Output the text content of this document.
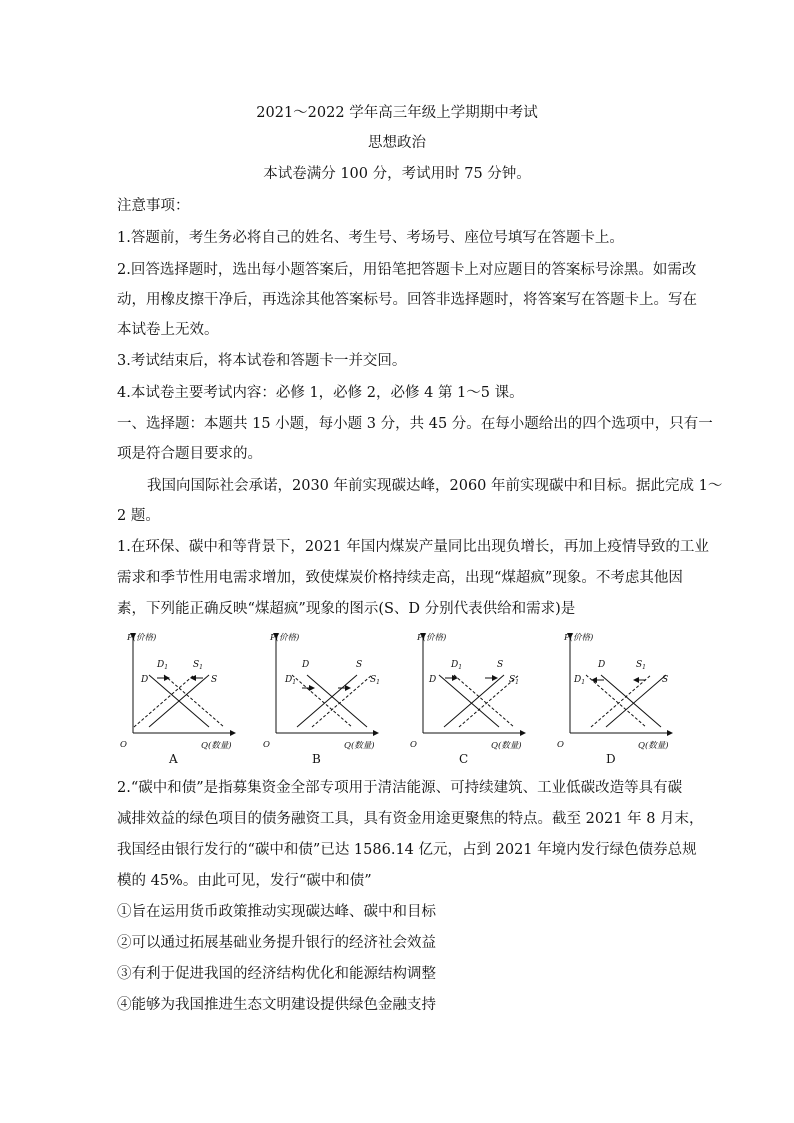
2021～2022 学年高三年级上学期期中考试
思想政治
本试卷满分 100 分，考试用时 75 分钟。
注意事项：
1.答题前，考生务必将自己的姓名、考生号、考场号、座位号填写在答题卡上。
2.回答选择题时，选出每小题答案后，用铅笔把答题卡上对应题目的答案标号涂黑。如需改
动，用橡皮擦干净后，再选涂其他答案标号。回答非选择题时，将答案写在答题卡上。写在
本试卷上无效。
3.考试结束后，将本试卷和答题卡一并交回。
4.本试卷主要考试内容：必修 1，必修 2，必修 4 第 1～5 课。
一、选择题：本题共 15 小题，每小题 3 分，共 45 分。在每小题给出的四个选项中，只有一
项是符合题目要求的。
我国向国际社会承诺，2030 年前实现碳达峰，2060 年前实现碳中和目标。据此完成 1～
2 题。
1.在环保、碳中和等背景下，2021 年国内煤炭产量同比出现负增长，再加上疫情导致的工业
需求和季节性用电需求增加，致使煤炭价格持续走高，出现“煤超疯”现象。不考虑其他因
素，下列能正确反映“煤超疯”现象的图示(S、D 分别代表供给和需求)是
P(价格)
Q(数量)
O
$D_1$	$S_1$
D	S
A
P(价格)
Q(数量)
O
D	S
$D_1$	$S_1$
B
P(价格)
Q(数量)
O
$D_1$	S
D	$S_1$
C
P(价格)
Q(数量)
O
D	$S_1$
$D_1$	S
D
2.“碳中和债”是指募集资金全部专项用于清洁能源、可持续建筑、工业低碳改造等具有碳
减排效益的绿色项目的债务融资工具，具有资金用途更聚焦的特点。截至 2021 年 8 月末，
我国经由银行发行的“碳中和债”已达 1586.14 亿元，占到 2021 年境内发行绿色债券总规
模的 45%。由此可见，发行“碳中和债”
①旨在运用货币政策推动实现碳达峰、碳中和目标
②可以通过拓展基础业务提升银行的经济社会效益
③有利于促进我国的经济结构优化和能源结构调整
④能够为我国推进生态文明建设提供绿色金融支持
